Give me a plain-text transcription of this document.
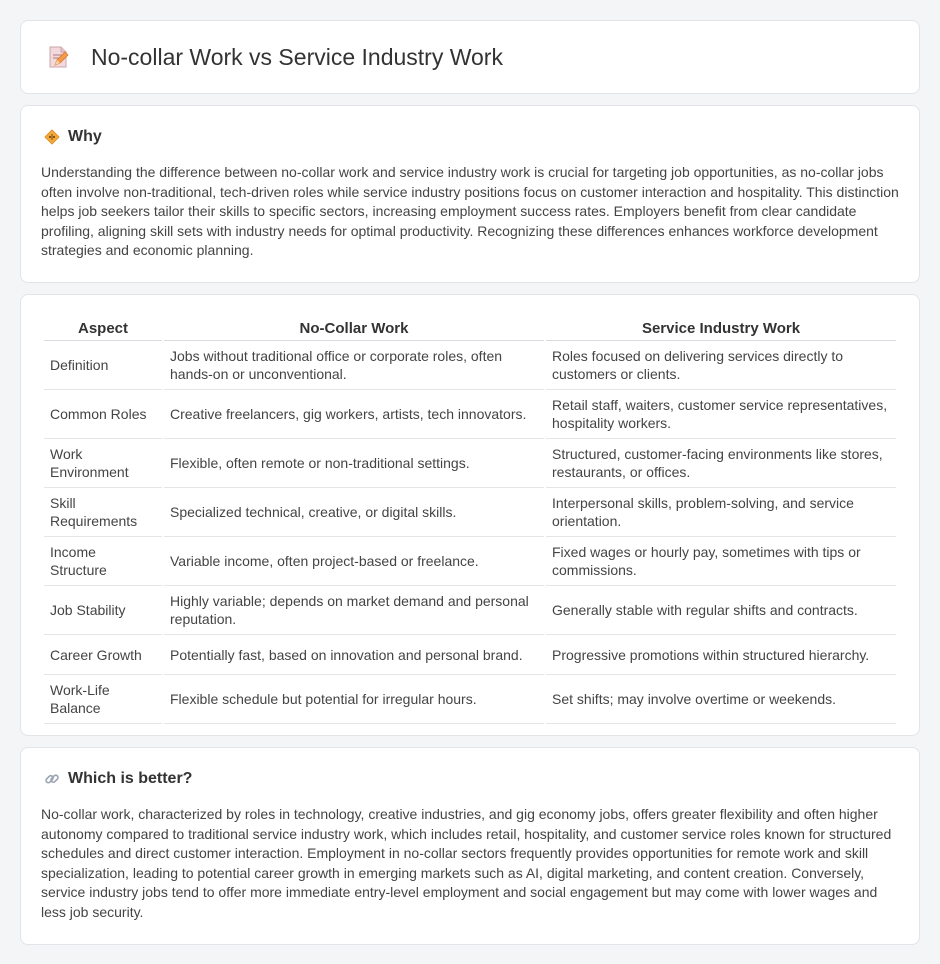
No-collar Work vs Service Industry Work
Why

Understanding the difference between no-collar work and service industry work is crucial for targeting job opportunities, as no-collar jobs often involve non-traditional, tech-driven roles while service industry positions focus on customer interaction and hospitality. This distinction helps job seekers tailor their skills to specific sectors, increasing employment success rates. Employers benefit from clear candidate profiling, aligning skill sets with industry needs for optimal productivity. Recognizing these differences enhances workforce development strategies and economic planning.

Aspect	No-Collar Work	Service Industry Work
Definition	Jobs without traditional office or corporate roles, often hands-on or unconventional.	Roles focused on delivering services directly to customers or clients.
Common Roles	Creative freelancers, gig workers, artists, tech innovators.	Retail staff, waiters, customer service representatives, hospitality workers.
Work Environment	Flexible, often remote or non-traditional settings.	Structured, customer-facing environments like stores, restaurants, or offices.
Skill Requirements	Specialized technical, creative, or digital skills.	Interpersonal skills, problem-solving, and service orientation.
Income Structure	Variable income, often project-based or freelance.	Fixed wages or hourly pay, sometimes with tips or commissions.
Job Stability	Highly variable; depends on market demand and personal reputation.	Generally stable with regular shifts and contracts.
Career Growth	Potentially fast, based on innovation and personal brand.	Progressive promotions within structured hierarchy.
Work-Life Balance	Flexible schedule but potential for irregular hours.	Set shifts; may involve overtime or weekends.
Which is better?

No-collar work, characterized by roles in technology, creative industries, and gig economy jobs, offers greater flexibility and often higher autonomy compared to traditional service industry work, which includes retail, hospitality, and customer service roles known for structured schedules and direct customer interaction. Employment in no-collar sectors frequently provides opportunities for remote work and skill specialization, leading to potential career growth in emerging markets such as AI, digital marketing, and content creation. Conversely, service industry jobs tend to offer more immediate entry-level employment and social engagement but may come with lower wages and less job security.
